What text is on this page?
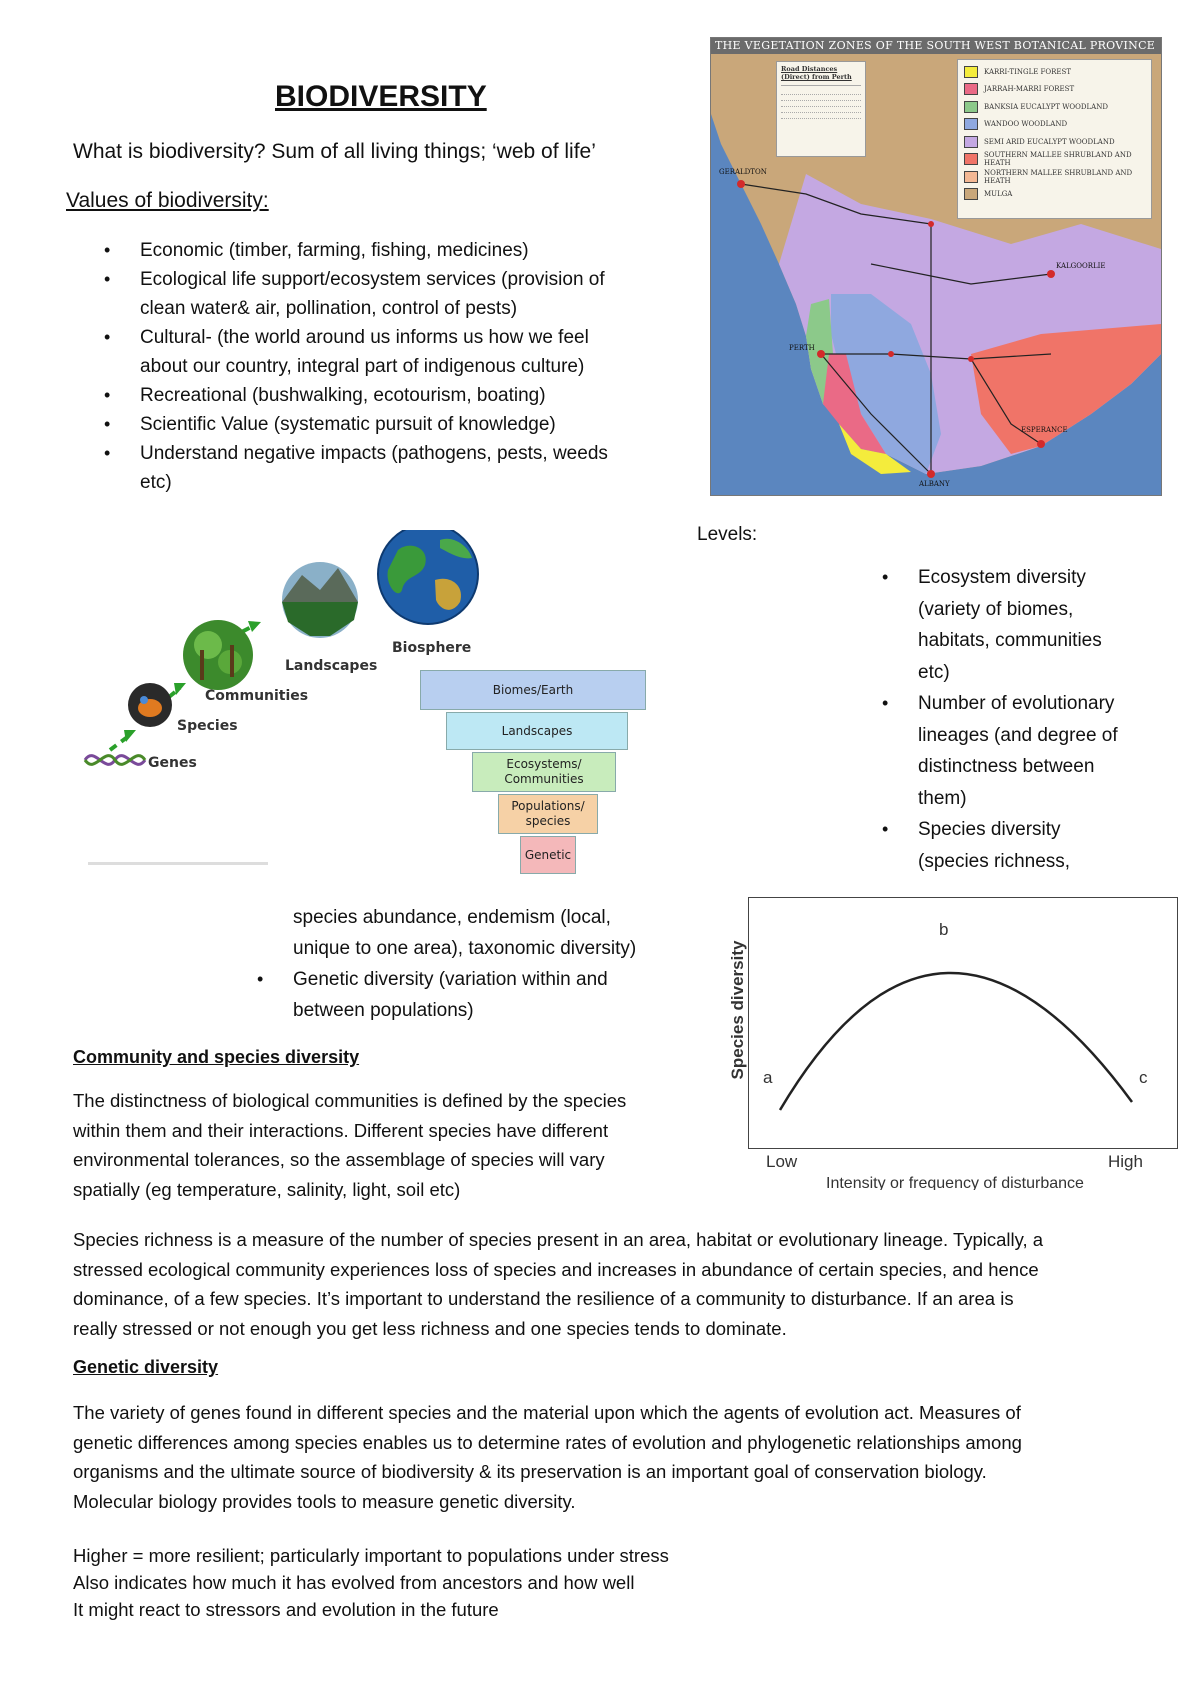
BIODIVERSITY
What is biodiversity? Sum of all living things; ‘web of life’
Values of biodiversity:
• Economic (timber, farming, fishing, medicines)
• Ecological life support/ecosystem services (provision of
clean water& air, pollination, control of pests)
• Cultural- (the world around us informs us how we feel
about our country, integral part of indigenous culture)
• Recreational (bushwalking, ecotourism, boating)
• Scientific Value (systematic pursuit of knowledge)
• Understand negative impacts (pathogens, pests, weeds
etc)
THE VEGETATION ZONES OF THE SOUTH WEST BOTANICAL PROVINCE
GERALDTON
KALGOORLIE
PERTH
ESPERANCE
ALBANY
Road Distances (Direct) from Perth
KARRI-TINGLE FOREST
JARRAH-MARRI FOREST
BANKSIA EUCALYPT WOODLAND
WANDOO WOODLAND
SEMI ARID EUCALYPT WOODLAND
SOUTHERN MALLEE SHRUBLAND AND HEATH
NORTHERN MALLEE SHRUBLAND AND HEATH
MULGA
Genes
Species
Communities
Landscapes
Biosphere
Biomes/Earth
Landscapes
Ecosystems/ Communities
Populations/ species
Genetic
Levels:
• Ecosystem diversity
(variety of biomes,
habitats, communities
etc)
• Number of evolutionary
lineages (and degree of
distinctness between
them)
• Species diversity
(species richness,
species abundance, endemism (local,
unique to one area), taxonomic diversity)
• Genetic diversity (variation within and
between populations)	Species diversity a
b
c
Low	High
Intensity or frequency of disturbance
Community and species diversity
The distinctness of biological communities is defined by the species
within them and their interactions. Different species have different
environmental tolerances, so the assemblage of species will vary
spatially (eg temperature, salinity, light, soil etc)
Species richness is a measure of the number of species present in an area, habitat or evolutionary lineage. Typically, a
stressed ecological community experiences loss of species and increases in abundance of certain species, and hence
dominance, of a few species. It’s important to understand the resilience of a community to disturbance. If an area is
really stressed or not enough you get less richness and one species tends to dominate.
Genetic diversity
The variety of genes found in different species and the material upon which the agents of evolution act. Measures of
genetic differences among species enables us to determine rates of evolution and phylogenetic relationships among
organisms and the ultimate source of biodiversity & its preservation is an important goal of conservation biology.
Molecular biology provides tools to measure genetic diversity.
Higher = more resilient; particularly important to populations under stress
Also indicates how much it has evolved from ancestors and how well
It might react to stressors and evolution in the future
